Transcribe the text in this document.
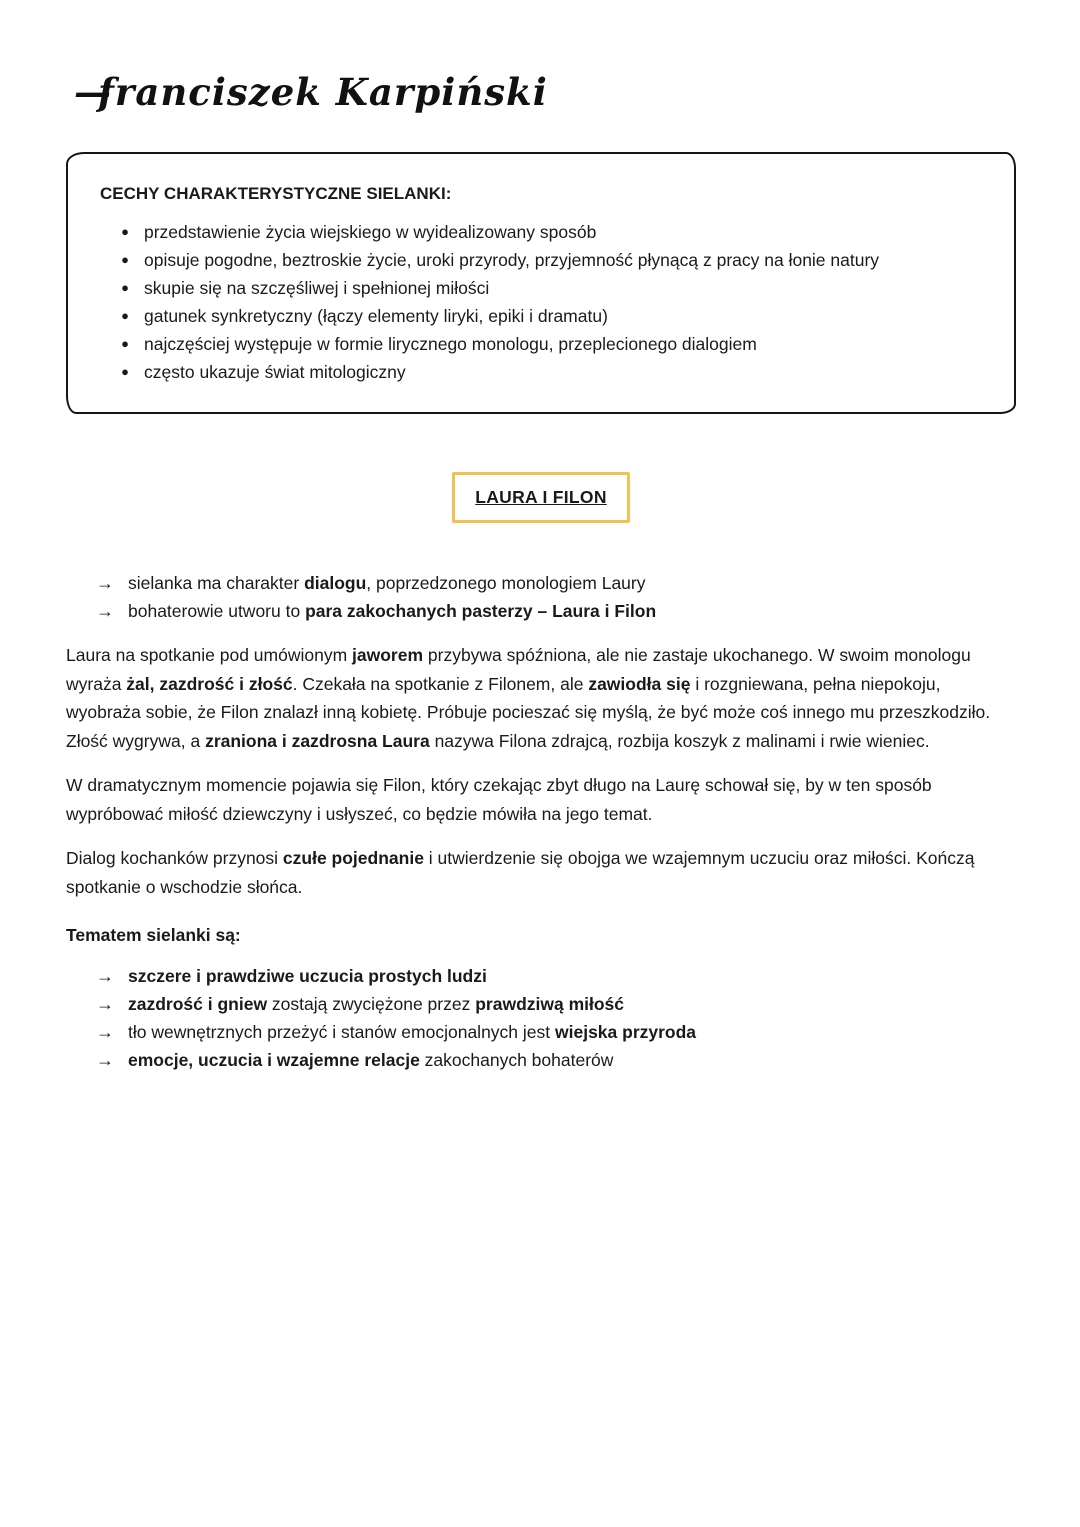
— franciszek Karpiński
CECHY CHARAKTERYSTYCZNE SIELANKI:
● przedstawienie życia wiejskiego w wyidealizowany sposób
● opisuje pogodne, beztroskie życie, uroki przyrody, przyjemność płynącą z pracy na łonie natury
● skupie się na szczęśliwej i spełnionej miłości
● gatunek synkretyczny (łączy elementy liryki, epiki i dramatu)
● najczęściej występuje w formie lirycznego monologu, przeplecionego dialogiem
● często ukazuje świat mitologiczny
LAURA I FILON
→ sielanka ma charakter dialogu, poprzedzonego monologiem Laury
→ bohaterowie utworu to para zakochanych pasterzy – Laura i Filon

Laura na spotkanie pod umówionym jaworem przybywa spóźniona, ale nie zastaje ukochanego. W swoim monologu wyraża żal, zazdrość i złość. Czekała na spotkanie z Filonem, ale zawiodła się i rozgniewana, pełna niepokoju, wyobraża sobie, że Filon znalazł inną kobietę. Próbuje pocieszać się myślą, że być może coś innego mu przeszkodziło. Złość wygrywa, a zraniona i zazdrosna Laura nazywa Filona zdrajcą, rozbija koszyk z malinami i rwie wieniec.

W dramatycznym momencie pojawia się Filon, który czekając zbyt długo na Laurę schował się, by w ten sposób wypróbować miłość dziewczyny i usłyszeć, co będzie mówiła na jego temat.

Dialog kochanków przynosi czułe pojednanie i utwierdzenie się obojga we wzajemnym uczuciu oraz miłości. Kończą spotkanie o wschodzie słońca.

Tematem sielanki są:
→ szczere i prawdziwe uczucia prostych ludzi
→ zazdrość i gniew zostają zwyciężone przez prawdziwą miłość
→ tło wewnętrznych przeżyć i stanów emocjonalnych jest wiejska przyroda
→ emocje, uczucia i wzajemne relacje zakochanych bohaterów
